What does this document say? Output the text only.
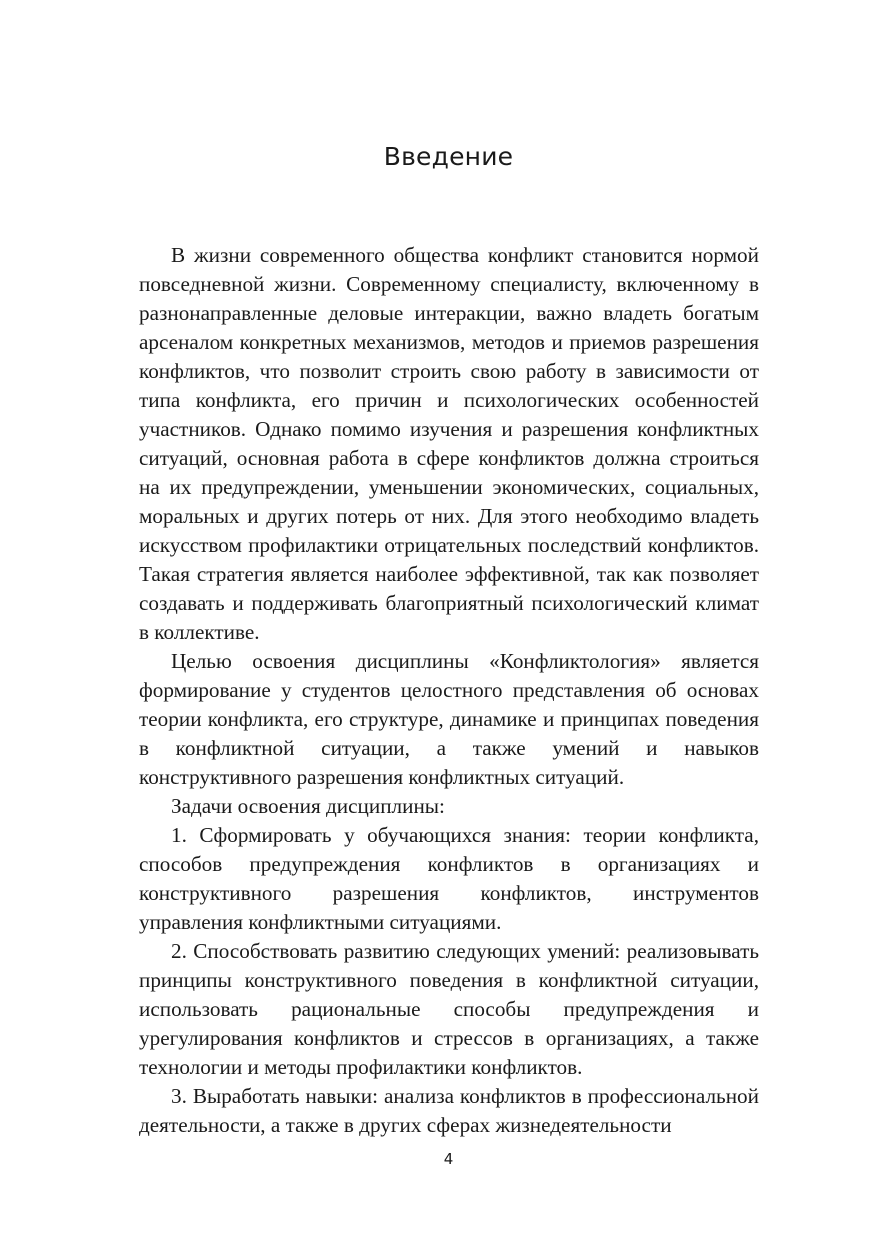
Введение

В жизни современного общества конфликт становится нормой повседневной жизни. Современному специалисту, включенному в разнонаправленные деловые интеракции, важно владеть богатым арсеналом конкретных механизмов, методов и приемов разрешения конфликтов, что позволит строить свою работу в зависимости от типа конфликта, его причин и психологических особенностей участников. Однако помимо изучения и разрешения конфликтных ситуаций, основная работа в сфере конфликтов должна строиться на их предупреждении, уменьшении экономических, социальных, моральных и других потерь от них. Для этого необходимо владеть искусством профилактики отрицательных последствий конфликтов. Такая стратегия является наиболее эффективной, так как позволяет создавать и поддерживать благоприятный психологический климат в коллективе.

Целью освоения дисциплины «Конфликтология» является формирование у студентов целостного представления об основах теории конфликта, его структуре, динамике и принципах поведения в конфликтной ситуации, а также умений и навыков конструктивного разрешения конфликтных ситуаций.

Задачи освоения дисциплины:

1. Сформировать у обучающихся знания: теории конфликта, способов предупреждения конфликтов в организациях и конструктивного разрешения конфликтов, инструментов управления конфликтными ситуациями.

2. Способствовать развитию следующих умений: реализовывать принципы конструктивного поведения в конфликтной ситуации, использовать рациональные способы предупреждения и урегулирования конфликтов и стрессов в организациях, а также технологии и методы профилактики конфликтов.

3. Выработать навыки: анализа конфликтов в профессиональной деятельности, а также в других сферах жизнедеятельности

4
